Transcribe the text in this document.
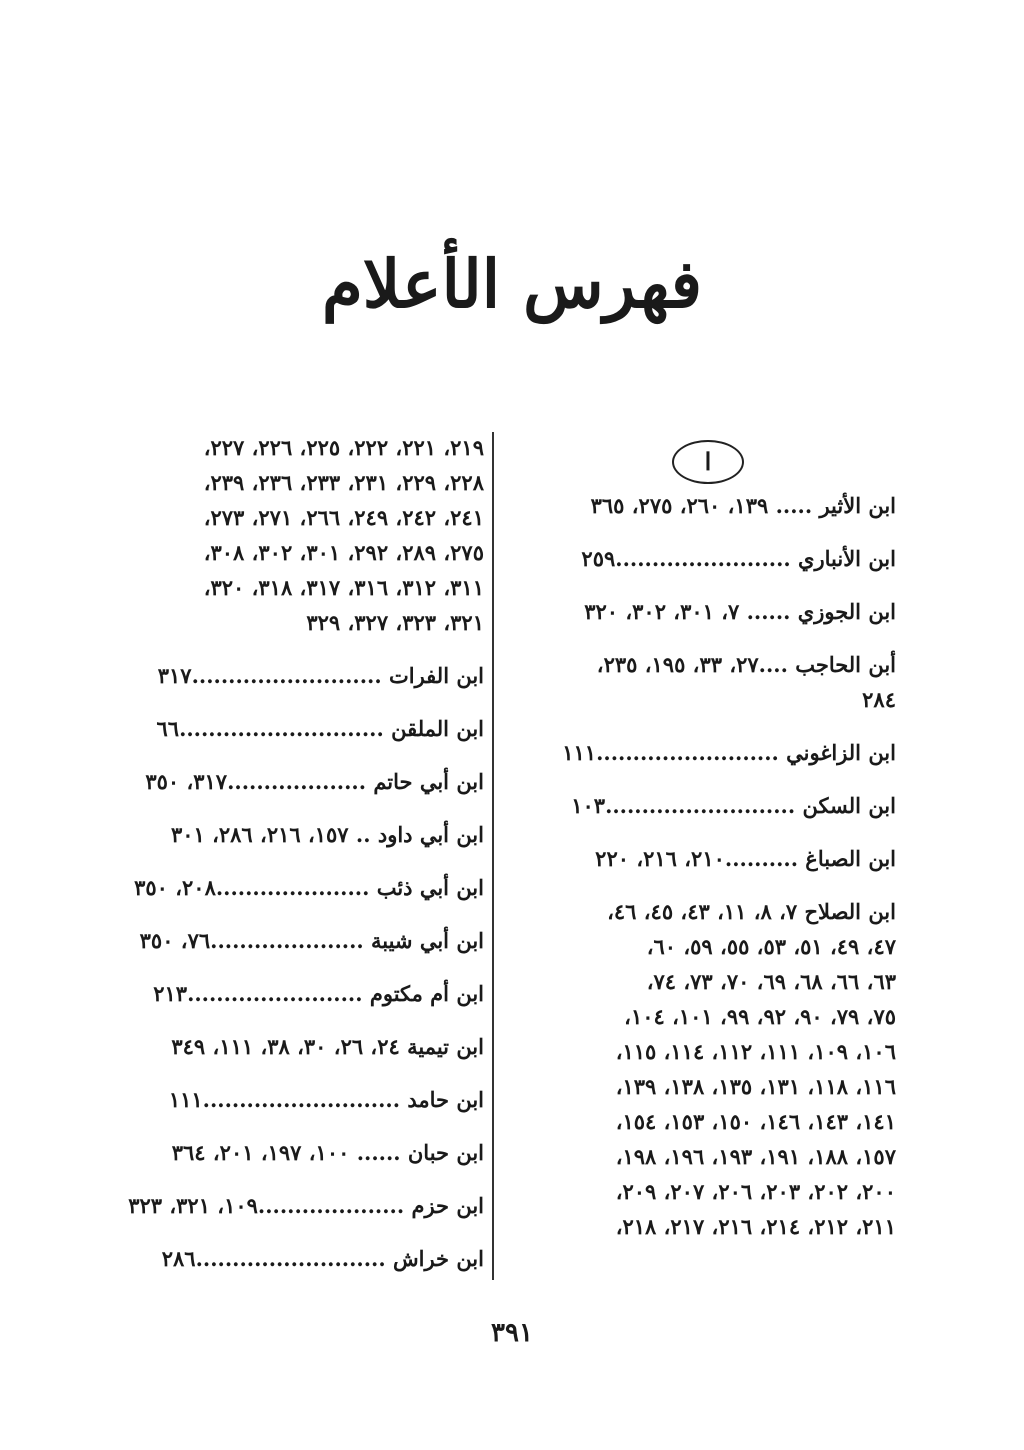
فهرس الأعلام
ا
ابن الأثير ..... ١٣٩، ٢٦٠، ٢٧٥، ٣٦٥
ابن الأنباري ........................٢٥٩
ابن الجوزي ...... ٧، ٣٠١، ٣٠٢، ٣٢٠
أبن الحاجب ....٢٧، ٣٣، ١٩٥، ٢٣٥،
٢٨٤
ابن الزاغوني .........................١١١
ابن السكن ..........................١٠٣
ابن الصباغ ..........٢١٠، ٢١٦، ٢٢٠
ابن الصلاح ٧، ٨، ١١، ٤٣، ٤٥، ٤٦،
٤٧، ٤٩، ٥١، ٥٣، ٥٥، ٥٩، ٦٠،
٦٣، ٦٦، ٦٨، ٦٩، ٧٠، ٧٣، ٧٤،
٧٥، ٧٩، ٩٠، ٩٢، ٩٩، ١٠١، ١٠٤،
١٠٦، ١٠٩، ١١١، ١١٢، ١١٤، ١١٥،
١١٦، ١١٨، ١٣١، ١٣٥، ١٣٨، ١٣٩،
١٤١، ١٤٣، ١٤٦، ١٥٠، ١٥٣، ١٥٤،
١٥٧، ١٨٨، ١٩١، ١٩٣، ١٩٦، ١٩٨،
٢٠٠، ٢٠٢، ٢٠٣، ٢٠٦، ٢٠٧، ٢٠٩،
٢١١، ٢١٢، ٢١٤، ٢١٦، ٢١٧، ٢١٨،
٢١٩، ٢٢١، ٢٢٢، ٢٢٥، ٢٢٦، ٢٢٧،
٢٢٨، ٢٢٩، ٢٣١، ٢٣٣، ٢٣٦، ٢٣٩،
٢٤١، ٢٤٢، ٢٤٩، ٢٦٦، ٢٧١، ٢٧٣،
٢٧٥، ٢٨٩، ٢٩٢، ٣٠١، ٣٠٢، ٣٠٨،
٣١١، ٣١٢، ٣١٦، ٣١٧، ٣١٨، ٣٢٠،
٣٢١، ٣٢٣، ٣٢٧، ٣٢٩
ابن الفرات ..........................٣١٧
ابن الملقن ............................٦٦
ابن أبي حاتم ...................٣١٧، ٣٥٠
ابن أبي داود .. ١٥٧، ٢١٦، ٢٨٦، ٣٠١
ابن أبي ذئب .....................٢٠٨، ٣٥٠
ابن أبي شيبة .....................٧٦، ٣٥٠
ابن أم مكتوم ........................٢١٣
ابن تيمية ٢٤، ٢٦، ٣٠، ٣٨، ١١١، ٣٤٩
ابن حامد ...........................١١١
ابن حبان ...... ١٠٠، ١٩٧، ٢٠١، ٣٦٤
ابن حزم ....................١٠٩، ٣٢١، ٣٢٣
ابن خراش ..........................٢٨٦
٣٩١
